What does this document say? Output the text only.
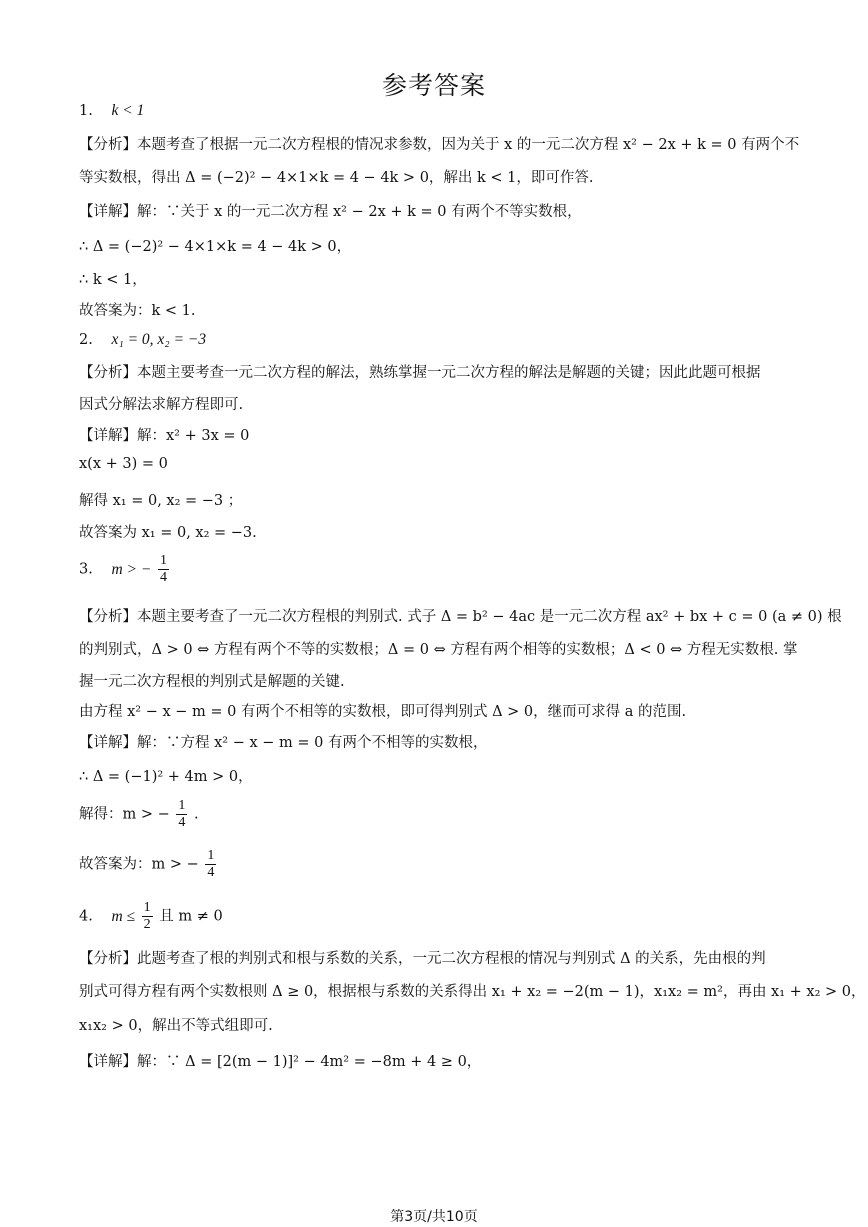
参考答案
1. k < 1
【分析】本题考查了根据一元二次方程根的情况求参数，因为关于 x 的一元二次方程 x² − 2x + k = 0 有两个不
等实数根，得出 Δ = (−2)² − 4×1×k = 4 − 4k > 0，解出 k < 1，即可作答.
【详解】解：∵关于 x 的一元二次方程 x² − 2x + k = 0 有两个不等实数根，
∴ Δ = (−2)² − 4×1×k = 4 − 4k > 0，
∴ k < 1，
故答案为：k < 1.
2. x₁ = 0, x₂ = −3
【分析】本题主要考查一元二次方程的解法，熟练掌握一元二次方程的解法是解题的关键；因此此题可根据
因式分解法求解方程即可.
【详解】解：x² + 3x = 0
x(x + 3) = 0
解得 x₁ = 0, x₂ = −3 ；
故答案为 x₁ = 0, x₂ = −3.
3. m > − $\frac{1}{4}$
【分析】本题主要考查了一元二次方程根的判别式. 式子 Δ = b² − 4ac 是一元二次方程 ax² + bx + c = 0 (a ≠ 0) 根
的判别式，Δ > 0 ⇔ 方程有两个不等的实数根；Δ = 0 ⇔ 方程有两个相等的实数根；Δ < 0 ⇔ 方程无实数根. 掌
握一元二次方程根的判别式是解题的关键.
由方程 x² − x − m = 0 有两个不相等的实数根，即可得判别式 Δ > 0，继而可求得 a 的范围.
【详解】解：∵方程 x² − x − m = 0 有两个不相等的实数根，
∴ Δ = (−1)² + 4m > 0，
解得：m > − $\frac{1}{4}$ .
故答案为：m > − $\frac{1}{4}$
4. $m \le \frac{1}{2}$ 且 m ≠ 0
【分析】此题考查了根的判别式和根与系数的关系，一元二次方程根的情况与判别式 Δ 的关系，先由根的判
别式可得方程有两个实数根则 Δ ≥ 0，根据根与系数的关系得出 x₁ + x₂ = −2(m − 1)，x₁x₂ = m²，再由 x₁ + x₂ > 0，
x₁x₂ > 0，解出不等式组即可.
【详解】解：∵ Δ = [2(m − 1)]² − 4m² = −8m + 4 ≥ 0，
第3页/共10页
